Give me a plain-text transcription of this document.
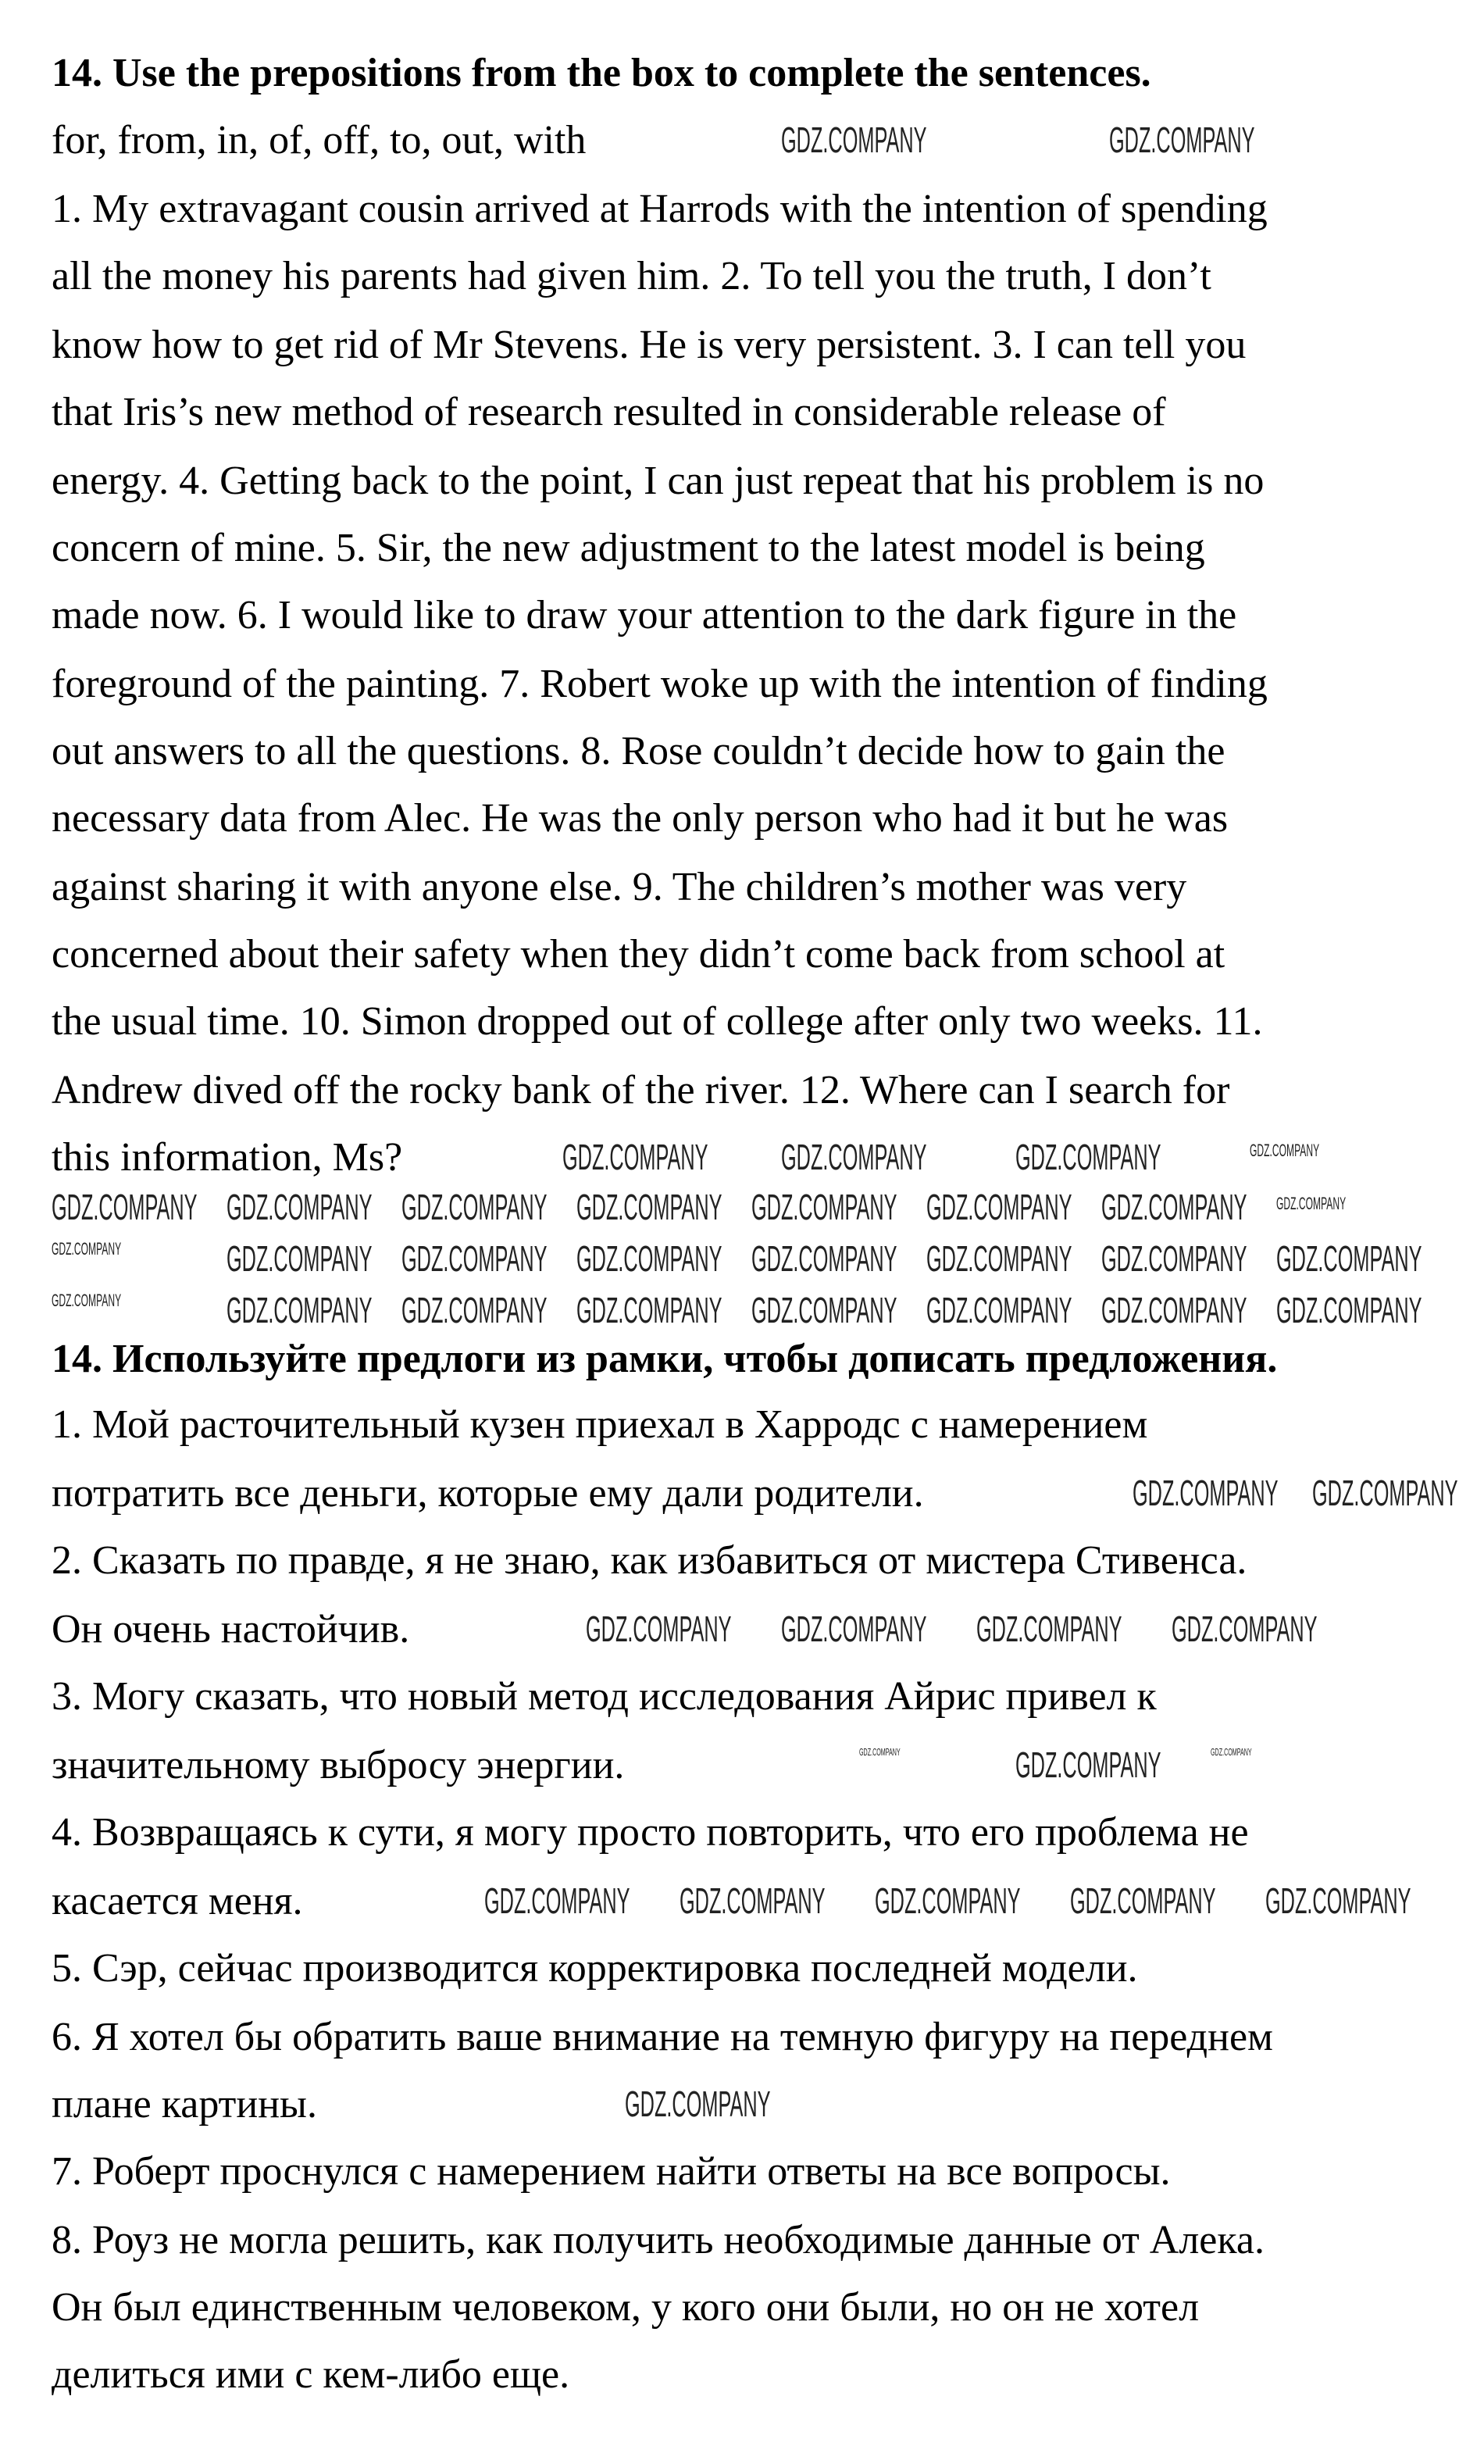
14. Use the prepositions from the box to complete the sentences.
for, from, in, of, off, to, out, with
1. My extravagant cousin arrived at Harrods with the intention of spending
all the money his parents had given him. 2. To tell you the truth, I don’t
know how to get rid of Mr Stevens. He is very persistent. 3. I can tell you
that Iris’s new method of research resulted in considerable release of
energy. 4. Getting back to the point, I can just repeat that his problem is no
concern of mine. 5. Sir, the new adjustment to the latest model is being
made now. 6. I would like to draw your attention to the dark figure in the
foreground of the painting. 7. Robert woke up with the intention of finding
out answers to all the questions. 8. Rose couldn’t decide how to gain the
necessary data from Alec. He was the only person who had it but he was
against sharing it with anyone else. 9. The children’s mother was very
concerned about their safety when they didn’t come back from school at
the usual time. 10. Simon dropped out of college after only two weeks. 11.
Andrew dived off the rocky bank of the river. 12. Where can I search for
this information, Ms?
14. Используйте предлоги из рамки, чтобы дописать предложения.
1. Мой расточительный кузен приехал в Харродс с намерением
потратить все деньги, которые ему дали родители.
2. Сказать по правде, я не знаю, как избавиться от мистера Стивенса.
Он очень настойчив.
3. Могу сказать, что новый метод исследования Айрис привел к
значительному выбросу энергии.
4. Возвращаясь к сути, я могу просто повторить, что его проблема не
касается меня.
5. Сэр, сейчас производится корректировка последней модели.
6. Я хотел бы обратить ваше внимание на темную фигуру на переднем
плане картины.
7. Роберт проснулся с намерением найти ответы на все вопросы.
8. Роуз не могла решить, как получить необходимые данные от Алека.
Он был единственным человеком, у кого они были, но он не хотел
делиться ими с кем-либо еще.
GDZ.COMPANY	GDZ.COMPANY
GDZ.COMPANY GDZ.COMPANY GDZ.COMPANY	GDZ.COMPANY
GDZ.COMPANY GDZ.COMPANY GDZ.COMPANY GDZ.COMPANY GDZ.COMPANY GDZ.COMPANY GDZ.COMPANY GDZ.COMPANY
GDZ.COMPANY	GDZ.COMPANY GDZ.COMPANY GDZ.COMPANY GDZ.COMPANY GDZ.COMPANY GDZ.COMPANY GDZ.COMPANY
GDZ.COMPANY	GDZ.COMPANY GDZ.COMPANY GDZ.COMPANY GDZ.COMPANY GDZ.COMPANY GDZ.COMPANY GDZ.COMPANY
GDZ.COMPANY GDZ.COMPANY
GDZ.COMPANY GDZ.COMPANY GDZ.COMPANY GDZ.COMPANY
GDZ.COMPANY	GDZ.COMPANY	GDZ.COMPANY
GDZ.COMPANY GDZ.COMPANY GDZ.COMPANY GDZ.COMPANY GDZ.COMPANY
GDZ.COMPANY
